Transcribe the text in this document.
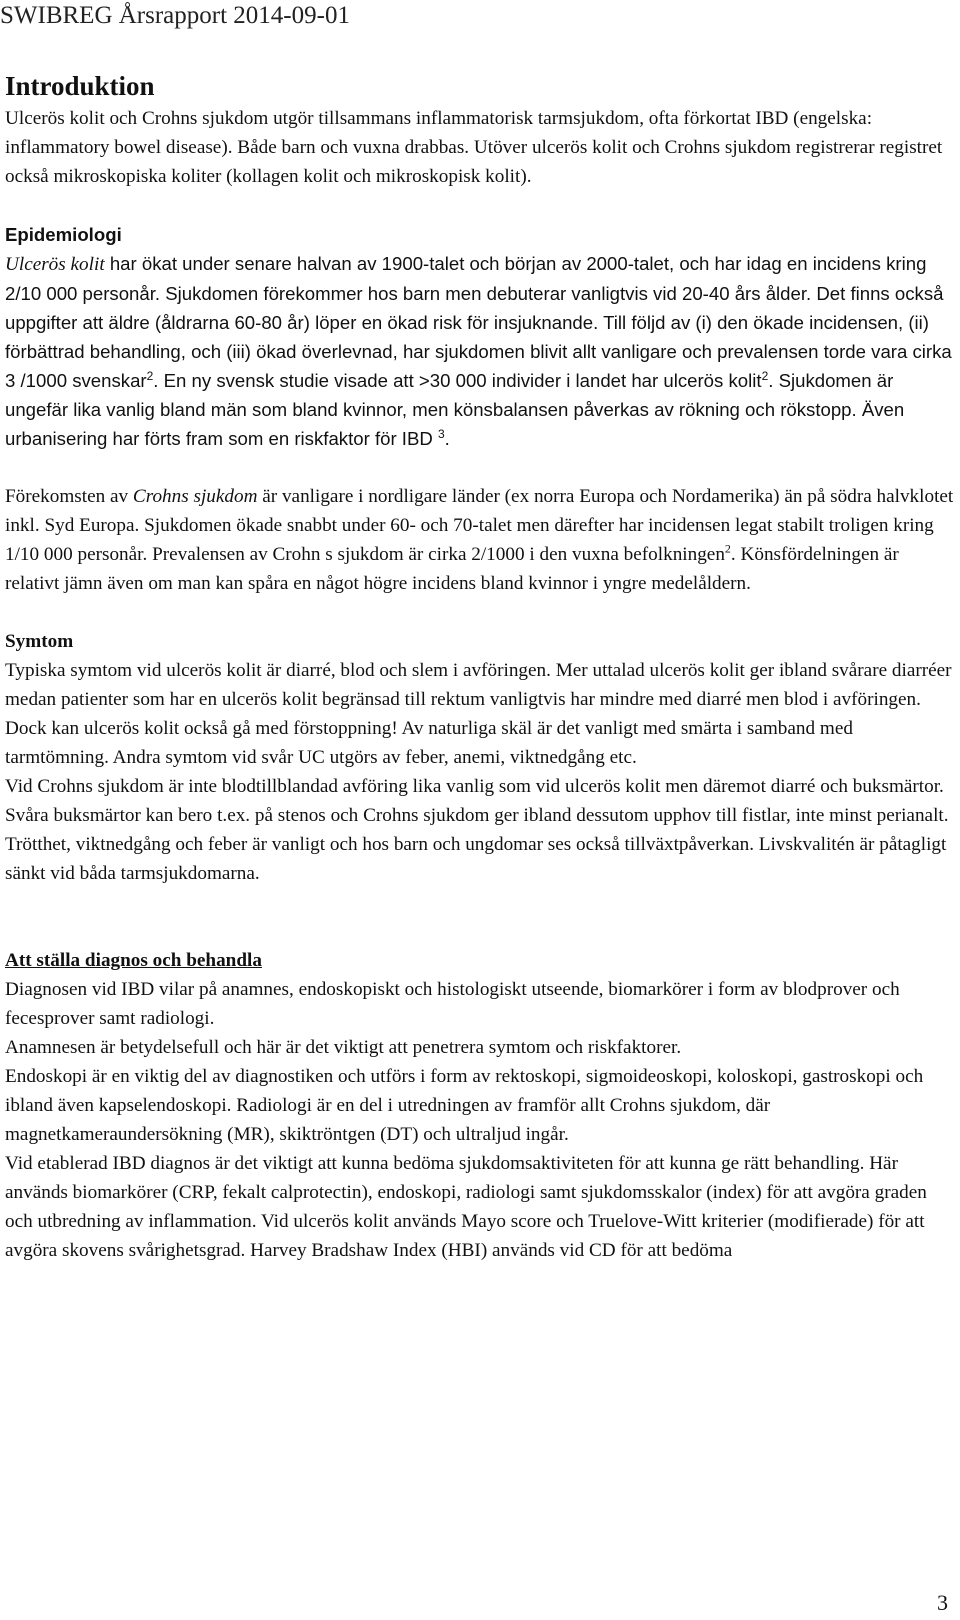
SWIBREG Årsrapport 2014-09-01
Introduktion

Ulcerös kolit och Crohns sjukdom utgör tillsammans inflammatorisk tarmsjukdom, ofta förkortat IBD (engelska: inflammatory bowel disease). Både barn och vuxna drabbas. Utöver ulcerös kolit och Crohns sjukdom registrerar registret också mikroskopiska koliter (kollagen kolit och mikroskopisk kolit).

Epidemiologi

Ulcerös kolit har ökat under senare halvan av 1900-talet och början av 2000-talet, och har idag en incidens kring 2/10 000 personår. Sjukdomen förekommer hos barn men debuterar vanligtvis vid 20-40 års ålder. Det finns också uppgifter att äldre (åldrarna 60-80 år) löper en ökad risk för insjuknande. Till följd av (i) den ökade incidensen, (ii) förbättrad behandling, och (iii) ökad överlevnad, har sjukdomen blivit allt vanligare och prevalensen torde vara cirka 3 /1000 svenskar$^2$. En ny svensk studie visade att >30 000 individer i landet har ulcerös kolit$^2$. Sjukdomen är ungefär lika vanlig bland män som bland kvinnor, men könsbalansen påverkas av rökning och rökstopp. Även urbanisering har förts fram som en riskfaktor för IBD $^3$.

Förekomsten av Crohns sjukdom är vanligare i nordligare länder (ex norra Europa och Nordamerika) än på södra halvklotet inkl. Syd Europa. Sjukdomen ökade snabbt under 60- och 70-talet men därefter har incidensen legat stabilt troligen kring 1/10 000 personår. Prevalensen av Crohn s sjukdom är cirka 2/1000 i den vuxna befolkningen$^2$. Könsfördelningen är relativt jämn även om man kan spåra en något högre incidens bland kvinnor i yngre medelåldern.

Symtom

Typiska symtom vid ulcerös kolit är diarré, blod och slem i avföringen. Mer uttalad ulcerös kolit ger ibland svårare diarréer medan patienter som har en ulcerös kolit begränsad till rektum vanligtvis har mindre med diarré men blod i avföringen. Dock kan ulcerös kolit också gå med förstoppning! Av naturliga skäl är det vanligt med smärta i samband med tarmtömning. Andra symtom vid svår UC utgörs av feber, anemi, viktnedgång etc.

Vid Crohns sjukdom är inte blodtillblandad avföring lika vanlig som vid ulcerös kolit men däremot diarré och buksmärtor. Svåra buksmärtor kan bero t.ex. på stenos och Crohns sjukdom ger ibland dessutom upphov till fistlar, inte minst perianalt. Trötthet, viktnedgång och feber är vanligt och hos barn och ungdomar ses också tillväxtpåverkan. Livskvalitén är påtagligt sänkt vid båda tarmsjukdomarna.

Att ställa diagnos och behandla

Diagnosen vid IBD vilar på anamnes, endoskopiskt och histologiskt utseende, biomarkörer i form av blodprover och fecesprover samt radiologi.

Anamnesen är betydelsefull och här är det viktigt att penetrera symtom och riskfaktorer.

Endoskopi är en viktig del av diagnostiken och utförs i form av rektoskopi, sigmoideoskopi, koloskopi, gastroskopi och ibland även kapselendoskopi. Radiologi är en del i utredningen av framför allt Crohns sjukdom, där magnetkameraundersökning (MR), skiktröntgen (DT) och ultraljud ingår.

Vid etablerad IBD diagnos är det viktigt att kunna bedöma sjukdomsaktiviteten för att kunna ge rätt behandling. Här används biomarkörer (CRP, fekalt calprotectin), endoskopi, radiologi samt sjukdomsskalor (index) för att avgöra graden och utbredning av inflammation. Vid ulcerös kolit används Mayo score och Truelove-Witt kriterier (modifierade) för att avgöra skovens svårighetsgrad. Harvey Bradshaw Index (HBI) används vid CD för att bedöma

3
